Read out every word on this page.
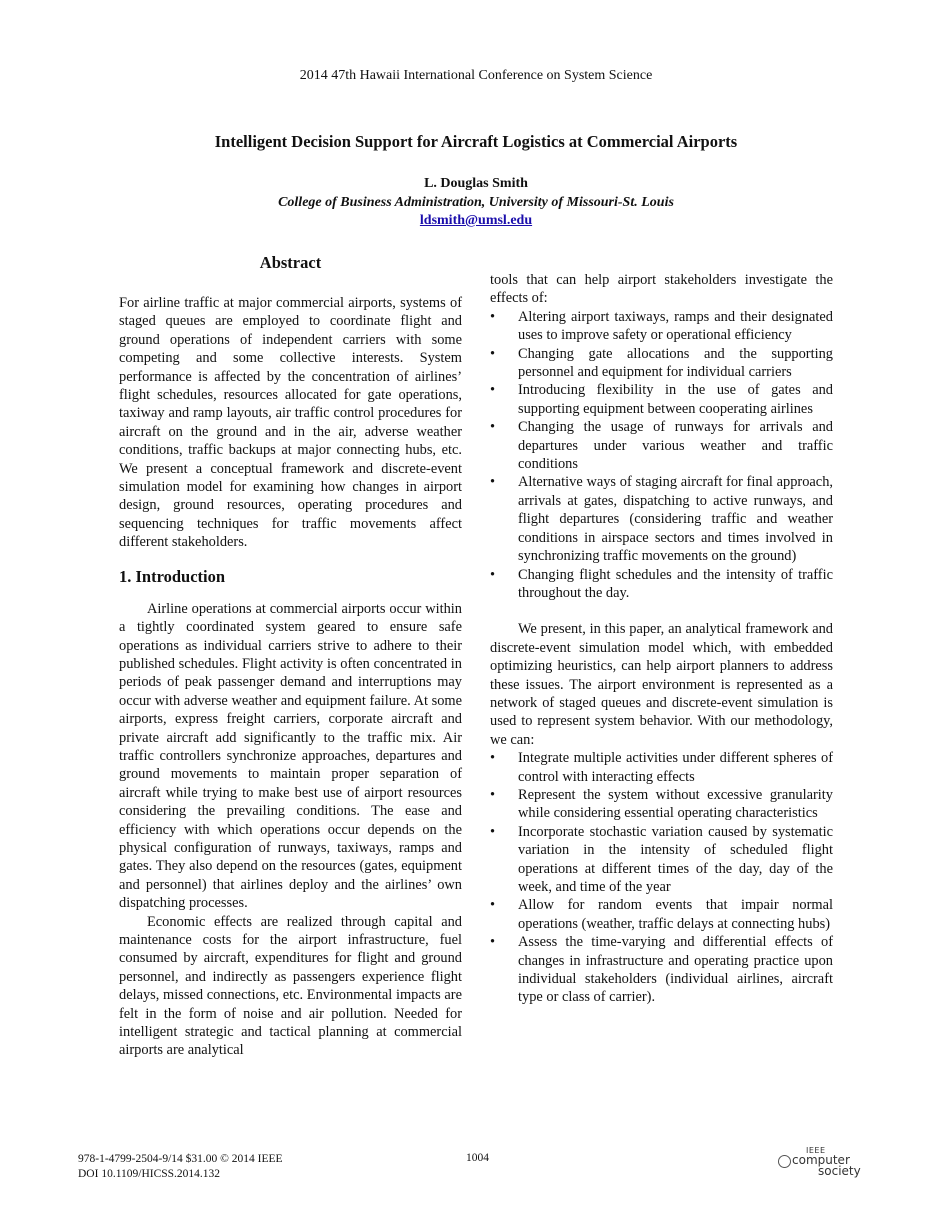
2014 47th Hawaii International Conference on System Science
Intelligent Decision Support for Aircraft Logistics at Commercial Airports
L. Douglas Smith
College of Business Administration, University of Missouri-St. Louis
ldsmith@umsl.edu
Abstract

For airline traffic at major commercial airports, systems of staged queues are employed to coordinate flight and ground operations of independent carriers with some competing and some collective interests. System performance is affected by the concentration of airlines’ flight schedules, resources allocated for gate operations, taxiway and ramp layouts, air traffic control procedures for aircraft on the ground and in the air, adverse weather conditions, traffic backups at major connecting hubs, etc. We present a conceptual framework and discrete-event simulation model for examining how changes in airport design, ground resources, operating procedures and sequencing techniques for traffic movements affect different stakeholders.

1. Introduction

Airline operations at commercial airports occur within a tightly coordinated system geared to ensure safe operations as individual carriers strive to adhere to their published schedules. Flight activity is often concentrated in periods of peak passenger demand and interruptions may occur with adverse weather and equipment failure. At some airports, express freight carriers, corporate aircraft and private aircraft add significantly to the traffic mix. Air traffic controllers synchronize approaches, departures and ground movements to maintain proper separation of aircraft while trying to make best use of airport resources considering the prevailing conditions. The ease and efficiency with which operations occur depends on the physical configuration of runways, taxiways, ramps and gates. They also depend on the resources (gates, equipment and personnel) that airlines deploy and the airlines’ own dispatching processes.

Economic effects are realized through capital and maintenance costs for the airport infrastructure, fuel consumed by aircraft, expenditures for flight and ground personnel, and indirectly as passengers experience flight delays, missed connections, etc. Environmental impacts are felt in the form of noise and air pollution. Needed for intelligent strategic and tactical planning at commercial airports are analytical

tools that can help airport stakeholders investigate the effects of:

• Altering airport taxiways, ramps and their designated uses to improve safety or operational efficiency
• Changing gate allocations and the supporting personnel and equipment for individual carriers
• Introducing flexibility in the use of gates and supporting equipment between cooperating airlines
• Changing the usage of runways for arrivals and departures under various weather and traffic conditions
• Alternative ways of staging aircraft for final approach, arrivals at gates, dispatching to active runways, and flight departures (considering traffic and weather conditions in airspace sectors and times involved in synchronizing traffic movements on the ground)
• Changing flight schedules and the intensity of traffic throughout the day.

We present, in this paper, an analytical framework and discrete-event simulation model which, with embedded optimizing heuristics, can help airport planners to address these issues. The airport environment is represented as a network of staged queues and discrete-event simulation is used to represent system behavior. With our methodology, we can:

• Integrate multiple activities under different spheres of control with interacting effects
• Represent the system without excessive granularity while considering essential operating characteristics
• Incorporate stochastic variation caused by systematic variation in the intensity of scheduled flight operations at different times of the day, day of the week, and time of the year
• Allow for random events that impair normal operations (weather, traffic delays at connecting hubs)
• Assess the time-varying and differential effects of changes in infrastructure and operating practice upon individual stakeholders (individual airlines, aircraft type or class of carrier).
978-1-4799-2504-9/14 $31.00 © 2014 IEEE
DOI 10.1109/HICSS.2014.132
1004
IEEE
computer
society
